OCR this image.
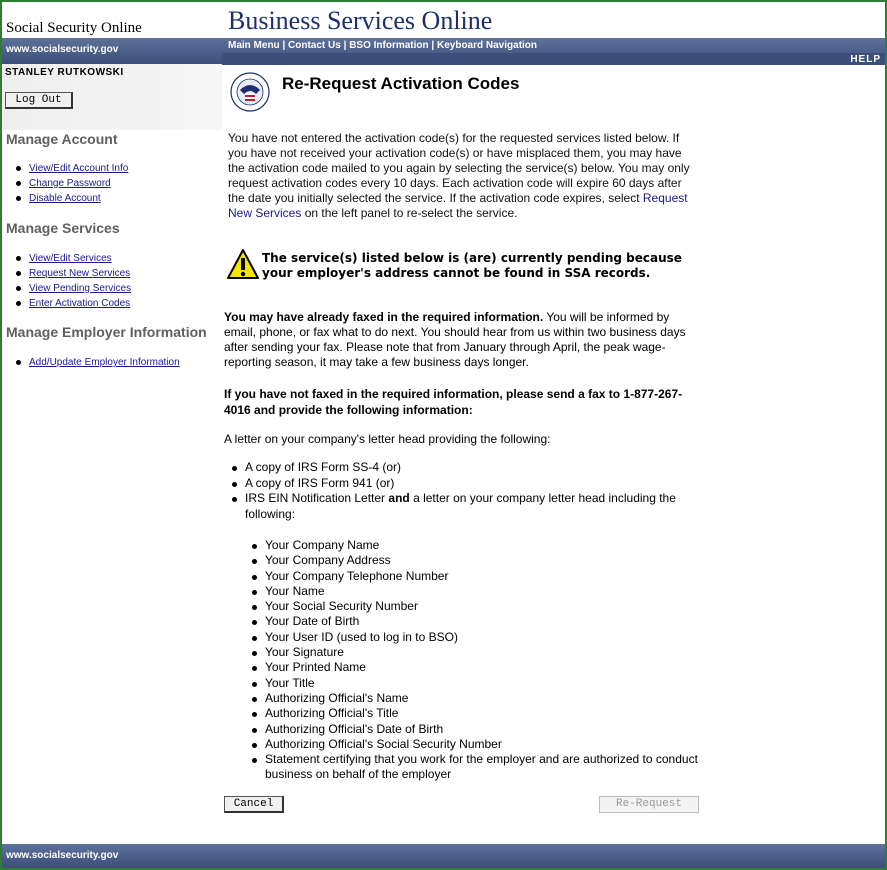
Social Security Online	Business Services Online
www.socialsecurity.gov	Main Menu | Contact Us | BSO Information | Keyboard Navigation
HELP
STANLEY RUTKOWSKI
Log Out
Manage Account
View/Edit Account Info
Change Password
Disable Account
Manage Services
View/Edit Services
Request New Services
View Pending Services
Enter Activation Codes
Manage Employer Information
Add/Update Employer Information
Re-Request Activation Codes
You have not entered the activation code(s) for the requested services listed below. If you have not received your activation code(s) or have misplaced them, you may have the activation code mailed to you again by selecting the service(s) below. You may only request activation codes every 10 days. Each activation code will expire 60 days after the date you initially selected the service. If the activation code expires, select Request New Services on the left panel to re-select the service.
The service(s) listed below is (are) currently pending because your employer's address cannot be found in SSA records.
You may have already faxed in the required information. You will be informed by email, phone, or fax what to do next. You should hear from us within two business days after sending your fax. Please note that from January through April, the peak wage-reporting season, it may take a few business days longer.
If you have not faxed in the required information, please send a fax to 1-877-267-4016 and provide the following information:
A letter on your company's letter head providing the following:
A copy of IRS Form SS-4 (or)
A copy of IRS Form 941 (or)
IRS EIN Notification Letter and a letter on your company letter head including the following:
Your Company Name
Your Company Address
Your Company Telephone Number
Your Name
Your Social Security Number
Your Date of Birth
Your User ID (used to log in to BSO)
Your Signature
Your Printed Name
Your Title
Authorizing Official's Name
Authorizing Official's Title
Authorizing Official's Date of Birth
Authorizing Official's Social Security Number
Statement certifying that you work for the employer and are authorized to conduct business on behalf of the employer
Cancel	Re-Request
www.socialsecurity.gov
